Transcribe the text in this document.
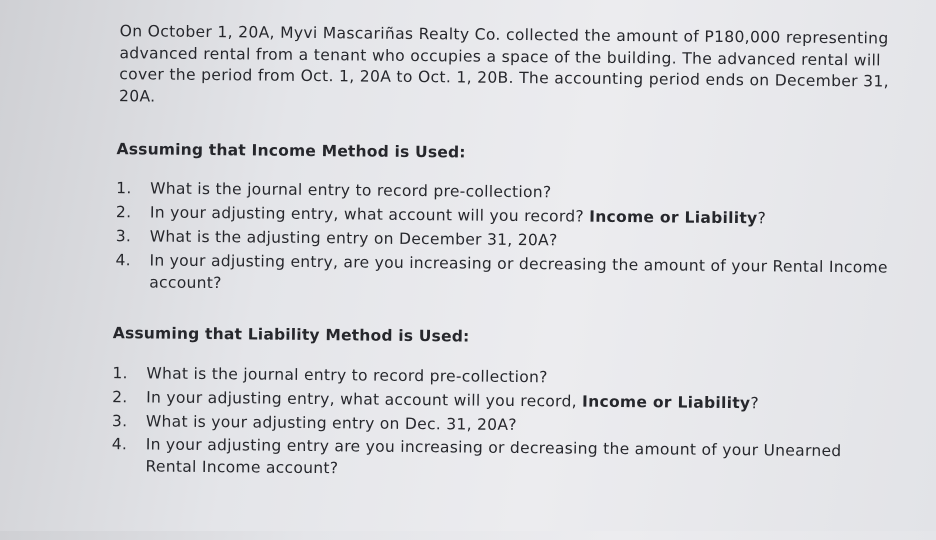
On October 1, 20A, Myvi Mascariñas Realty Co. collected the amount of P180,000 representing advanced rental from a tenant who occupies a space of the building. The advanced rental will cover the period from Oct. 1, 20A to Oct. 1, 20B. The accounting period ends on December 31, 20A.
Assuming that Income Method is Used:
1.	What is the journal entry to record pre-collection?
2.	In your adjusting entry, what account will you record? Income or Liability?
3.	What is the adjusting entry on December 31, 20A?
4.	In your adjusting entry, are you increasing or decreasing the amount of your Rental Income
account?
Assuming that Liability Method is Used:
1.	What is the journal entry to record pre-collection?
2.	In your adjusting entry, what account will you record, Income or Liability?
3.	What is your adjusting entry on Dec. 31, 20A?
4.	In your adjusting entry are you increasing or decreasing the amount of your Unearned
Rental Income account?
